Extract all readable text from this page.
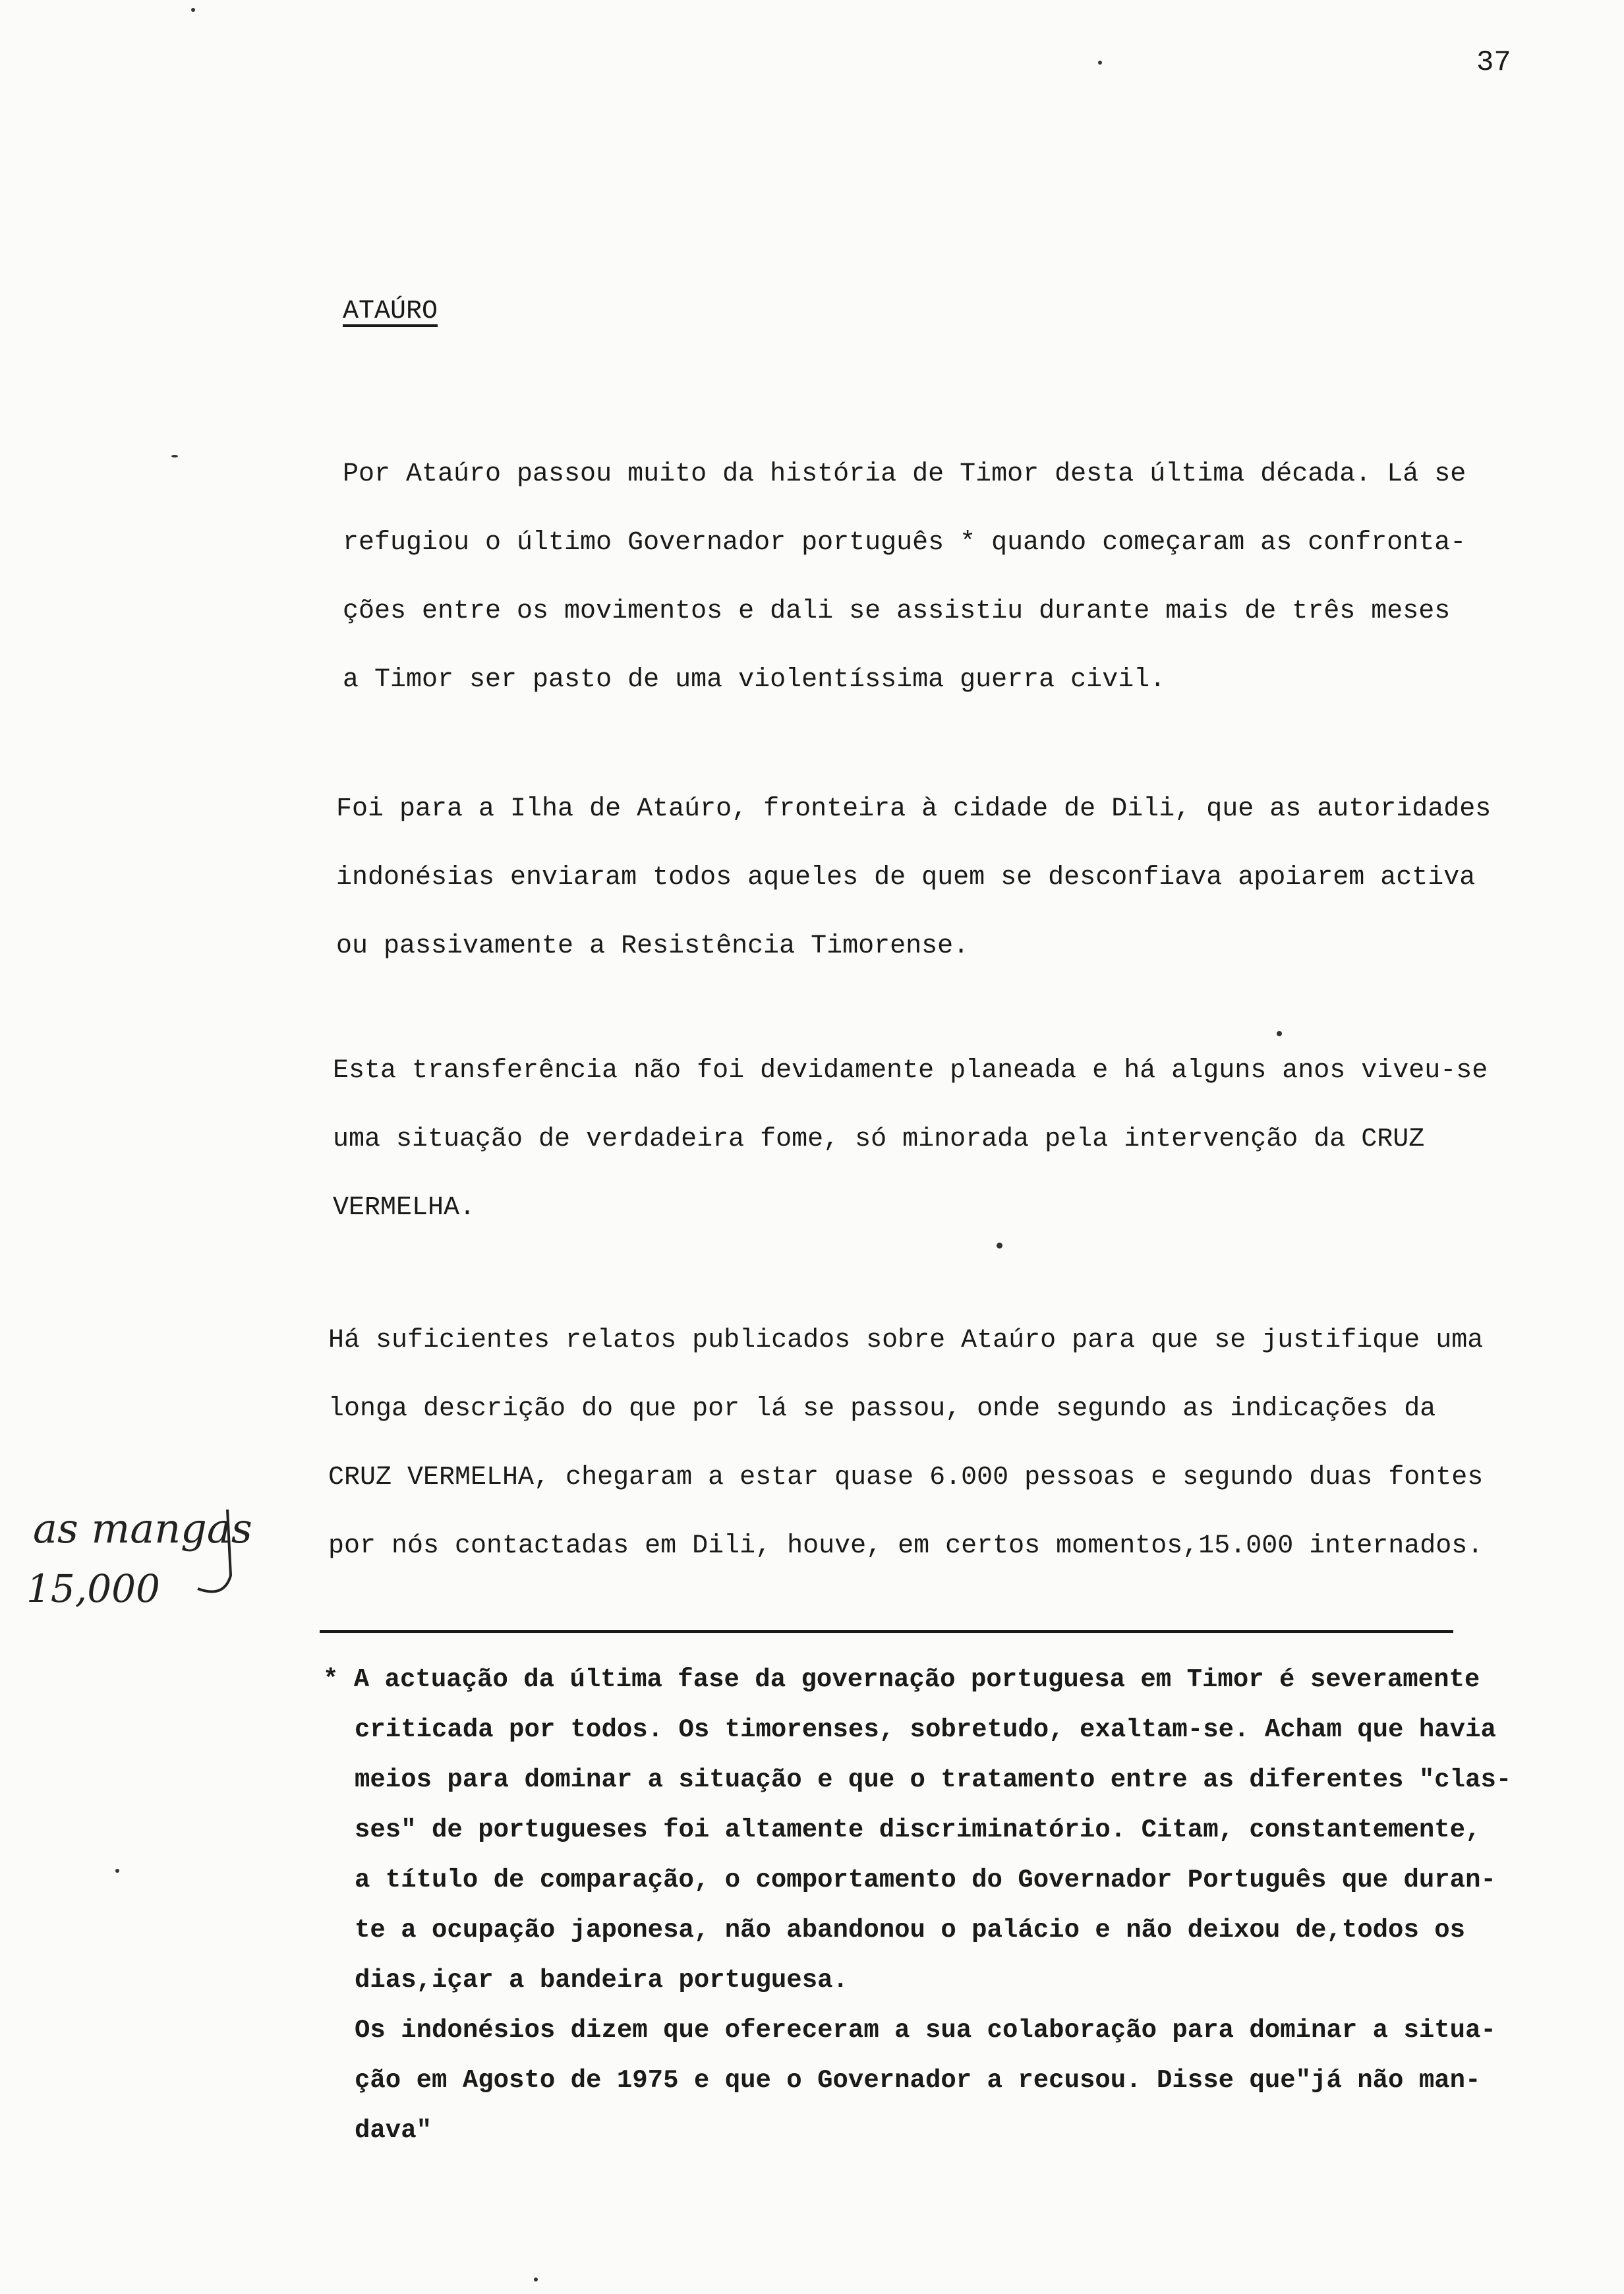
37
ATAÚRO
Por Ataúro passou muito da história de Timor desta última década. Lá se
refugiou o último Governador português * quando começaram as confronta-
ções entre os movimentos e dali se assistiu durante mais de três meses
a Timor ser pasto de uma violentíssima guerra civil.
Foi para a Ilha de Ataúro, fronteira à cidade de Dili, que as autoridades
indonésias enviaram todos aqueles de quem se desconfiava apoiarem activa
ou passivamente a Resistência Timorense.
Esta transferência não foi devidamente planeada e há alguns anos viveu-se
uma situação de verdadeira fome, só minorada pela intervenção da CRUZ
VERMELHA.
Há suficientes relatos publicados sobre Ataúro para que se justifique uma
longa descrição do que por lá se passou, onde segundo as indicações da
CRUZ VERMELHA, chegaram a estar quase 6.000 pessoas e segundo duas fontes
por nós contactadas em Dili, houve, em certos momentos,15.000 internados.
as mangas
15,000
* A actuação da última fase da governação portuguesa em Timor é severamente
criticada por todos. Os timorenses, sobretudo, exaltam-se. Acham que havia
meios para dominar a situação e que o tratamento entre as diferentes "clas-
ses" de portugueses foi altamente discriminatório. Citam, constantemente,
a título de comparação, o comportamento do Governador Português que duran-
te a ocupação japonesa, não abandonou o palácio e não deixou de,todos os
dias,içar a bandeira portuguesa.
Os indonésios dizem que ofereceram a sua colaboração para dominar a situa-
ção em Agosto de 1975 e que o Governador a recusou. Disse que"já não man-
dava"
